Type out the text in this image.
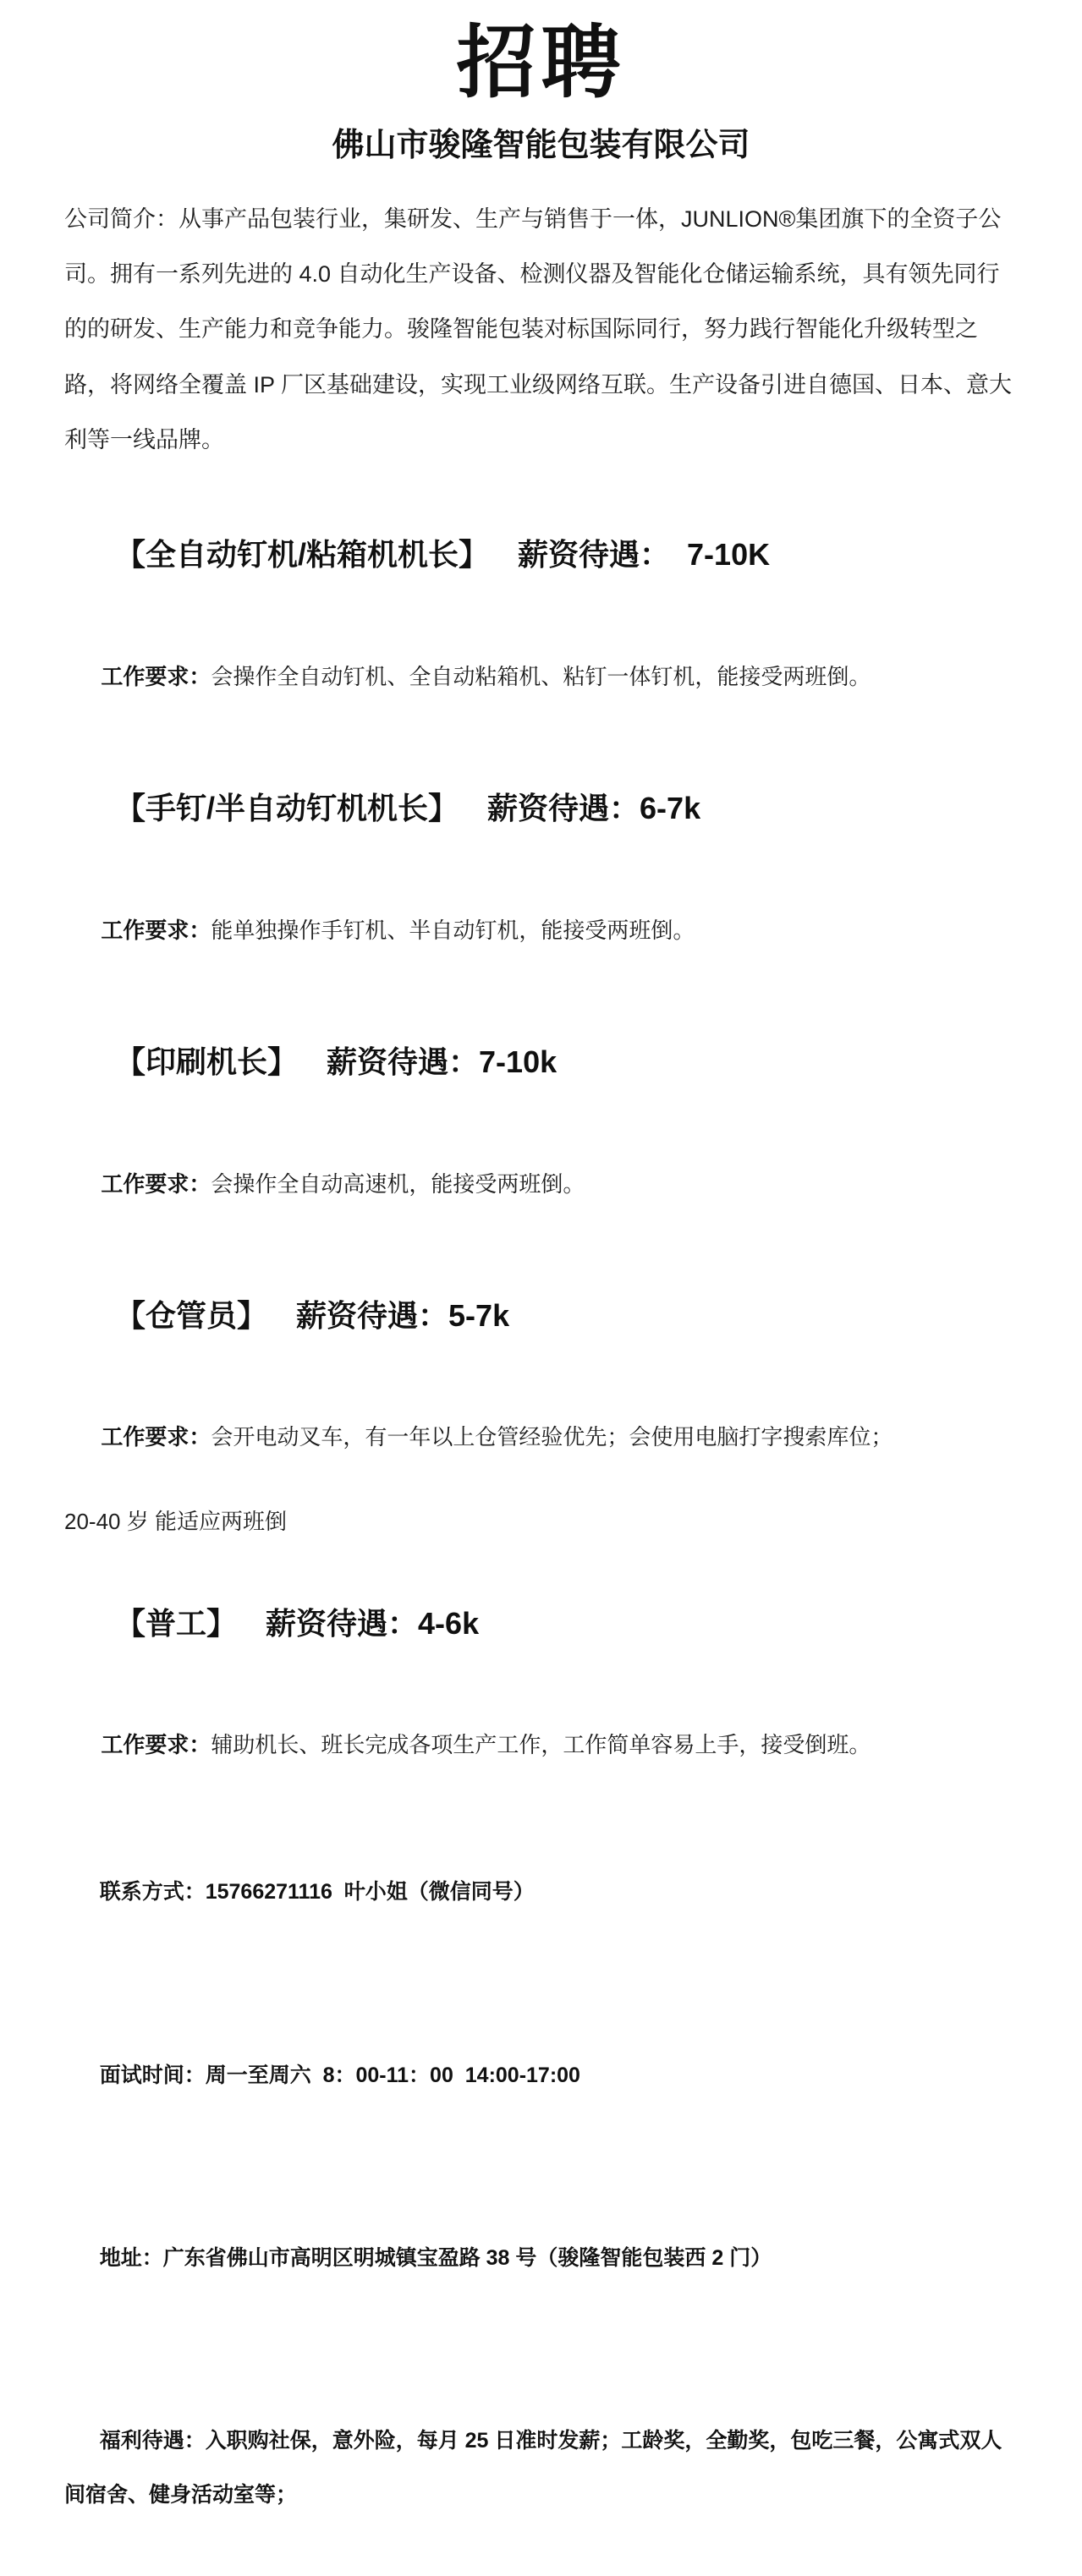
招聘
佛山市骏隆智能包装有限公司

公司简介：从事产品包装行业，集研发、生产与销售于一体，JUNLION®集团旗下的全资子公司。拥有一系列先进的 4.0 自动化生产设备、检测仪器及智能化仓储运输系统，具有领先同行的的研发、生产能力和竞争能力。骏隆智能包装对标国际同行，努力践行智能化升级转型之路，将网络全覆盖 IP 厂区基础建设，实现工业级网络互联。生产设备引进自德国、日本、意大利等一线品牌。

【全自动钉机/粘箱机机长】 薪资待遇：  7-10K

工作要求：会操作全自动钉机、全自动粘箱机、粘钉一体钉机，能接受两班倒。

【手钉/半自动钉机机长】 薪资待遇：6-7k

工作要求：能单独操作手钉机、半自动钉机，能接受两班倒。

【印刷机长】 薪资待遇：7-10k

工作要求：会操作全自动高速机，能接受两班倒。

【仓管员】 薪资待遇：5-7k

工作要求：会开电动叉车，有一年以上仓管经验优先；会使用电脑打字搜索库位；

20-40 岁 能适应两班倒

【普工】 薪资待遇：4-6k

工作要求：辅助机长、班长完成各项生产工作，工作简单容易上手，接受倒班。

联系方式：15766271116  叶小姐（微信同号）

面试时间：周一至周六  8：00-11：00  14:00-17:00

地址：广东省佛山市高明区明城镇宝盈路 38 号（骏隆智能包装西 2 门）

福利待遇：入职购社保，意外险，每月 25 日准时发薪；工龄奖，全勤奖，包吃三餐，公寓式双人间宿舍、健身活动室等；
